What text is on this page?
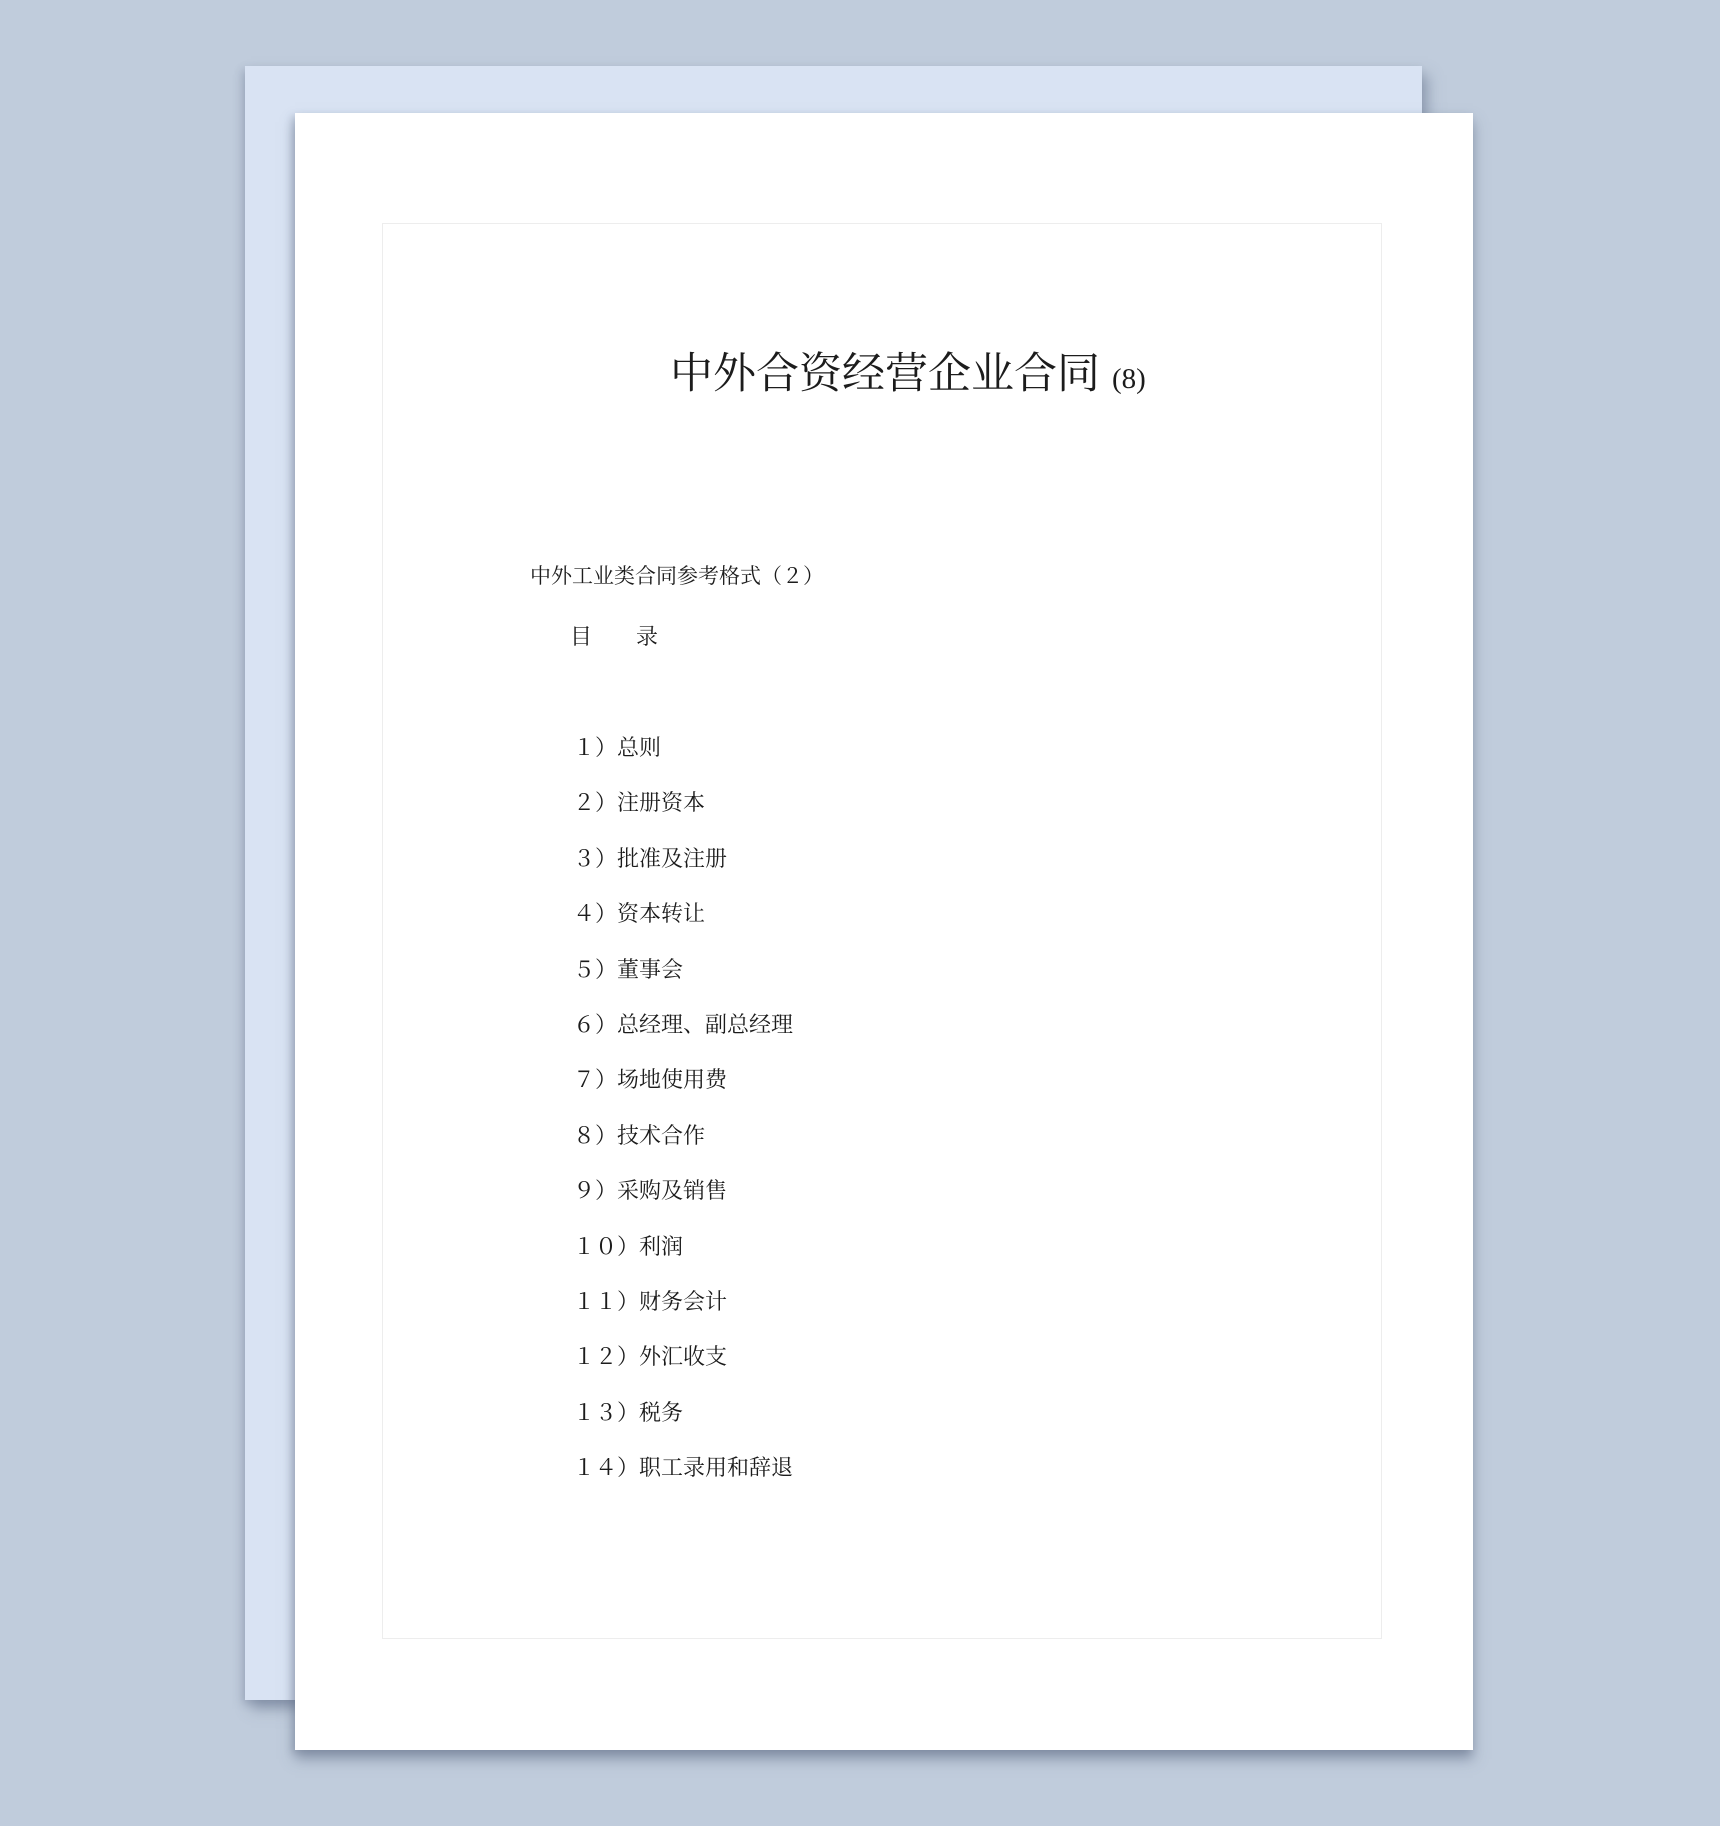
中外合资经营企业合同 (8)
中外工业类合同参考格式（２）
目　　录
１）总则
２）注册资本
３）批准及注册
４）资本转让
５）董事会
６）总经理、副总经理
７）场地使用费
８）技术合作
９）采购及销售
１０）利润
１１）财务会计
１２）外汇收支
１３）税务
１４）职工录用和辞退
